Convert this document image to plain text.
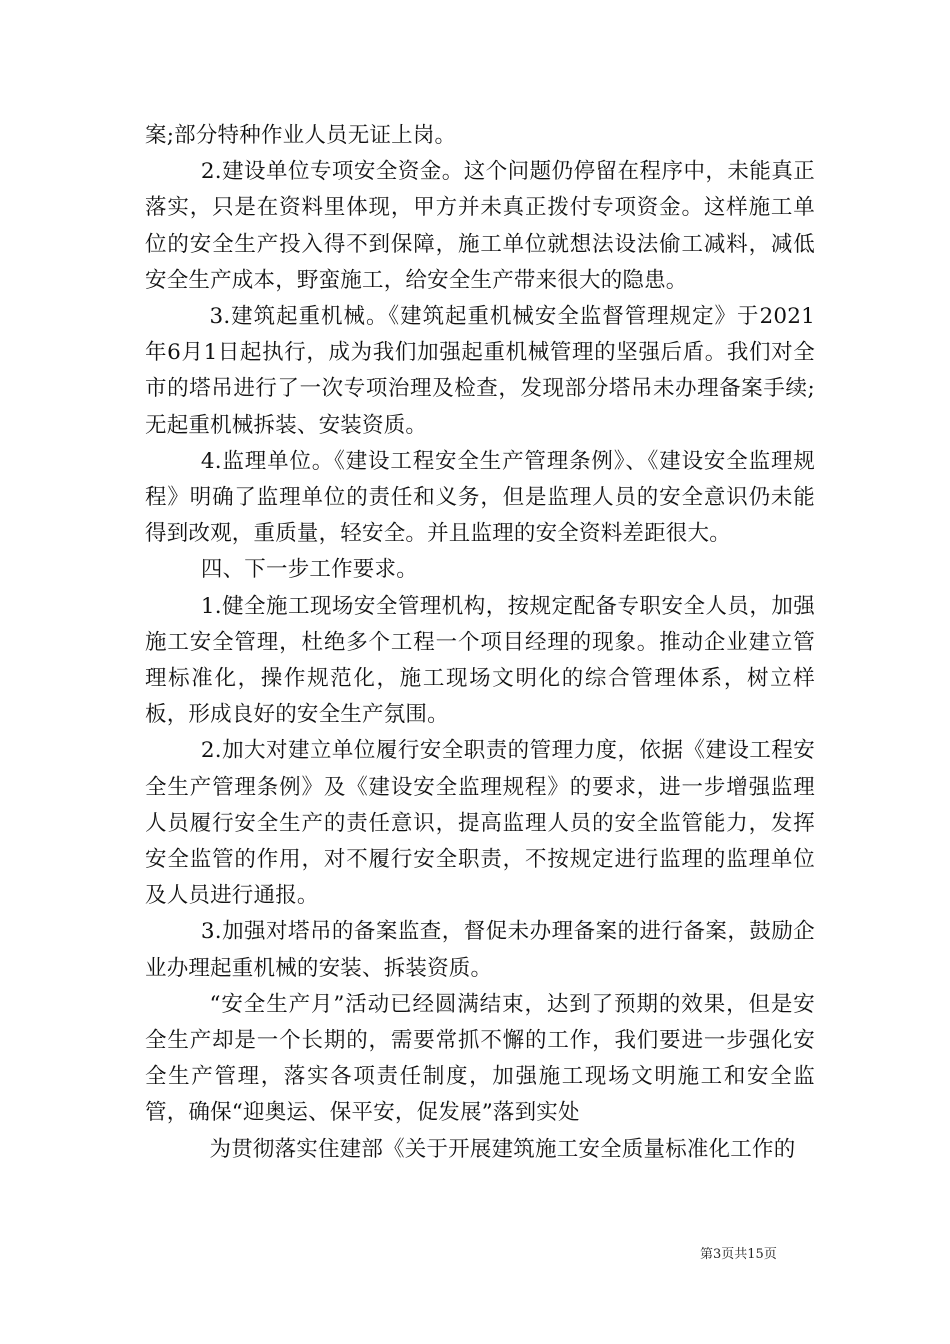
案;部分特种作业人员无证上岗。

2.建设单位专项安全资金。这个问题仍停留在程序中，未能真正落实，只是在资料里体现，甲方并未真正拨付专项资金。这样施工单位的安全生产投入得不到保障，施工单位就想法设法偷工减料，减低安全生产成本，野蛮施工，给安全生产带来很大的隐患。

3.建筑起重机械。《建筑起重机械安全监督管理规定》于2021年6月1日起执行，成为我们加强起重机械管理的坚强后盾。我们对全市的塔吊进行了一次专项治理及检查，发现部分塔吊未办理备案手续;无起重机械拆装、安装资质。

4.监理单位。《建设工程安全生产管理条例》、《建设安全监理规程》明确了监理单位的责任和义务，但是监理人员的安全意识仍未能得到改观，重质量，轻安全。并且监理的安全资料差距很大。

四、下一步工作要求。

1.健全施工现场安全管理机构，按规定配备专职安全人员，加强施工安全管理，杜绝多个工程一个项目经理的现象。推动企业建立管理标准化，操作规范化，施工现场文明化的综合管理体系，树立样板，形成良好的安全生产氛围。

2.加大对建立单位履行安全职责的管理力度，依据《建设工程安全生产管理条例》及《建设安全监理规程》的要求，进一步增强监理人员履行安全生产的责任意识，提高监理人员的安全监管能力，发挥安全监管的作用，对不履行安全职责，不按规定进行监理的监理单位及人员进行通报。

3.加强对塔吊的备案监查，督促未办理备案的进行备案，鼓励企业办理起重机械的安装、拆装资质。

“安全生产月”活动已经圆满结束，达到了预期的效果，但是安全生产却是一个长期的，需要常抓不懈的工作，我们要进一步强化安全生产管理，落实各项责任制度，加强施工现场文明施工和安全监管，确保“迎奥运、保平安，促发展”落到实处

为贯彻落实住建部《关于开展建筑施工安全质量标准化工作的

第3页共15页
